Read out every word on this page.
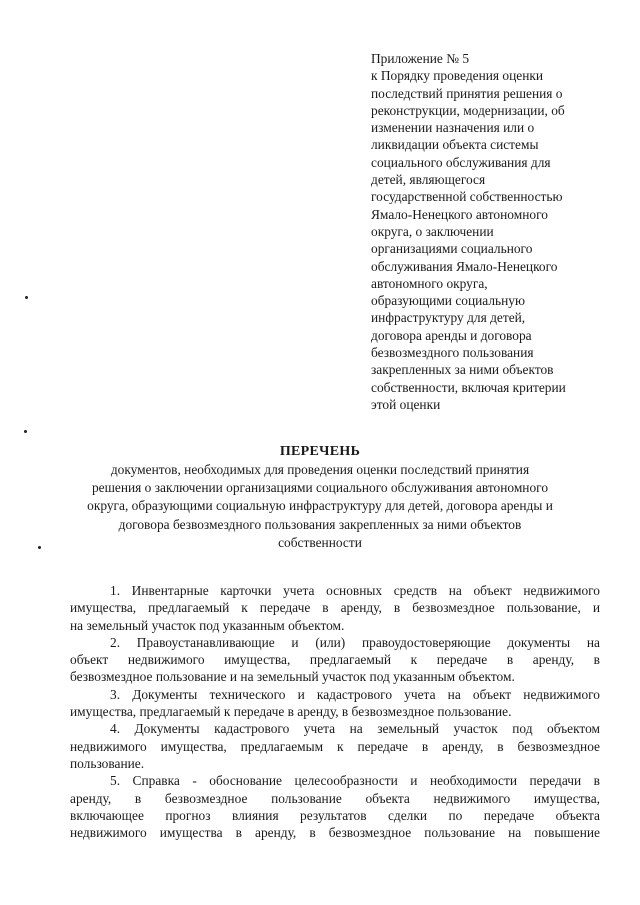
Приложение № 5
к Порядку проведения оценки
последствий принятия решения о
реконструкции, модернизации, об
изменении назначения или о
ликвидации объекта системы
социального обслуживания для
детей, являющегося
государственной собственностью
Ямало-Ненецкого автономного
округа, о заключении
организациями социального
обслуживания Ямало-Ненецкого
автономного округа,
образующими социальную
инфраструктуру для детей,
договора аренды и договора
безвозмездного пользования
закрепленных за ними объектов
собственности, включая критерии
этой оценки
ПЕРЕЧЕНЬ
документов, необходимых для проведения оценки последствий принятия
решения о заключении организациями социального обслуживания автономного
округа, образующими социальную инфраструктуру для детей, договора аренды и
договора безвозмездного пользования закрепленных за ними объектов
собственности
1. Инвентарные карточки учета основных средств на объект недвижимого
имущества, предлагаемый к передаче в аренду, в безвозмездное пользование, и
на земельный участок под указанным объектом.
2. Правоустанавливающие и (или) правоудостоверяющие документы на
объект недвижимого имущества, предлагаемый к передаче в аренду, в
безвозмездное пользование и на земельный участок под указанным объектом.
3. Документы технического и кадастрового учета на объект недвижимого
имущества, предлагаемый к передаче в аренду, в безвозмездное пользование.
4. Документы кадастрового учета на земельный участок под объектом
недвижимого имущества, предлагаемым к передаче в аренду, в безвозмездное
пользование.
5. Справка - обоснование целесообразности и необходимости передачи в
аренду, в безвозмездное пользование объекта недвижимого имущества,
включающее прогноз влияния результатов сделки по передаче объекта
недвижимого имущества в аренду, в безвозмездное пользование на повышение
